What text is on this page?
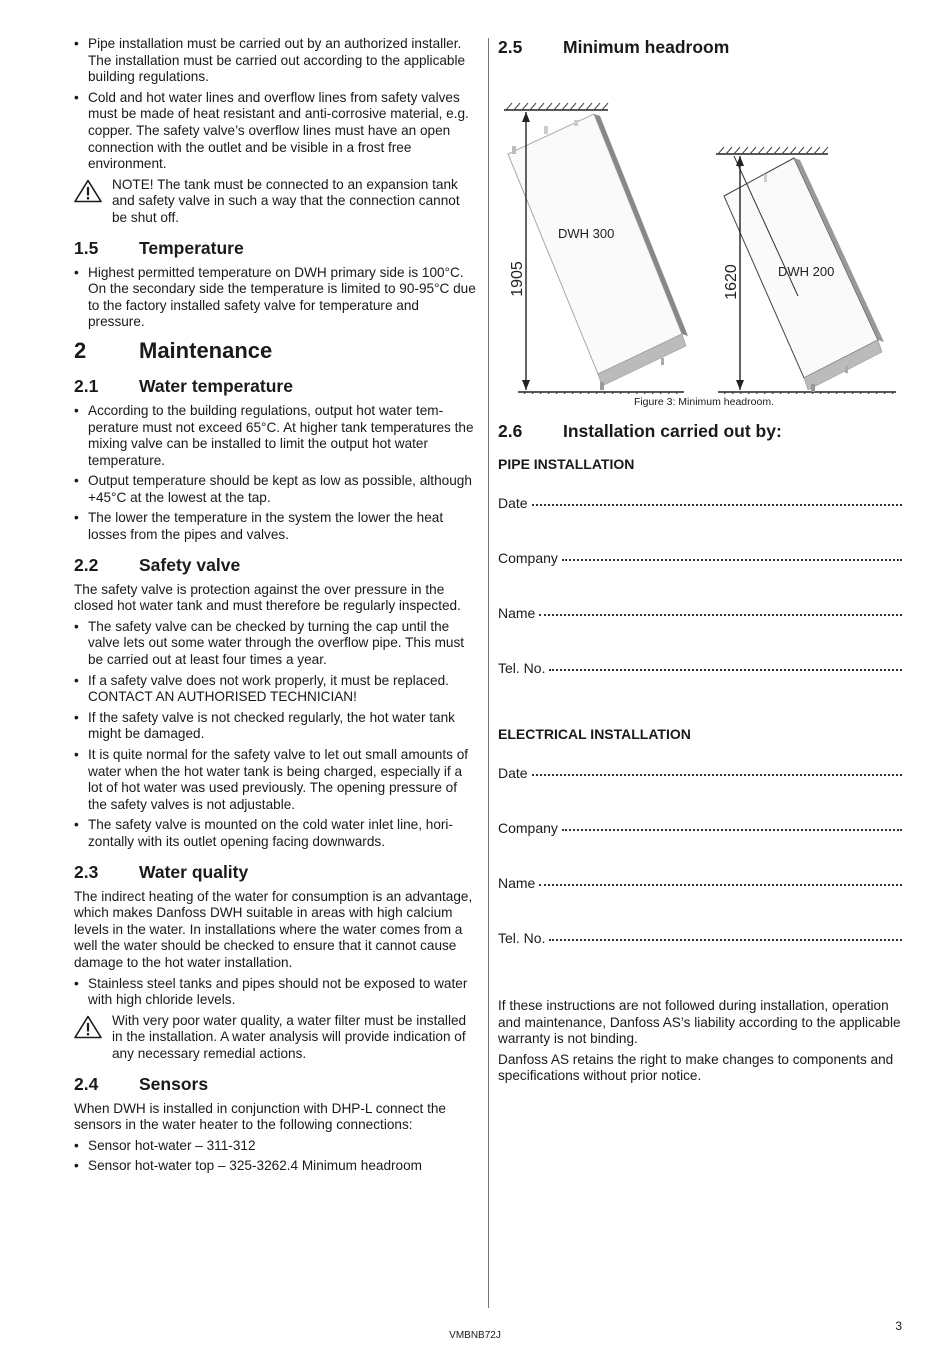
• Pipe installation must be carried out by an authorized installer. The installation must be carried out according to the applicable building regulations.
• Cold and hot water lines and overflow lines from safety valves must be made of heat resistant and anti-corrosive material, e.g. copper. The safety valve’s overflow lines must have an open connection with the outlet and be visible in a frost free environment.
NOTE! The tank must be connected to an expansion tank and safety valve in such a way that the connection cannot be shut off.
1.5	Temperature
• Highest permitted temperature on DWH primary side is 100°C. On the secondary side the temperature is limited to 90-95°C due to the factory installed safety valve for temperature and pressure.
2	Maintenance
2.1	Water temperature
• According to the building regulations, output hot water temperature must not exceed 65°C. At higher tank temperatures the mixing valve can be installed to limit the output hot water temperature.
• Output temperature should be kept as low as possible, although +45°C at the lowest at the tap.
• The lower the temperature in the system the lower the heat losses from the pipes and valves.
2.2	Safety valve

The safety valve is protection against the over pressure in the closed hot water tank and must therefore be regularly inspected.

• The safety valve can be checked by turning the cap until the valve lets out some water through the overflow pipe. This must be carried out at least four times a year.
• If a safety valve does not work properly, it must be replaced. CONTACT AN AUTHORISED TECHNICIAN!
• If the safety valve is not checked regularly, the hot water tank might be damaged.
• It is quite normal for the safety valve to let out small amounts of water when the hot water tank is being charged, especially if a lot of hot water was used previously. The opening pressure of the safety valves is not adjustable.
• The safety valve is mounted on the cold water inlet line, horizontally with its outlet opening facing downwards.
2.3	Water quality

The indirect heating of the water for consumption is an advantage, which makes Danfoss DWH suitable in areas with high calcium levels in the water. In installations where the water comes from a well the water should be checked to ensure that it cannot cause damage to the hot water installation.

• Stainless steel tanks and pipes should not be exposed to water with high chloride levels.
With very poor water quality, a water filter must be installed in the installation. A water analysis will provide indication of any necessary remedial actions.
2.4	Sensors

When DWH is installed in conjunction with DHP-L connect the sensors in the water heater to the following connections:

• Sensor hot-water – 311-312
• Sensor hot-water top – 325-3262.4 Minimum headroom
2.5	Minimum headroom
1905
DWH 300
1620	DWH 200
Figure 3: Minimum headroom.
2.6	Installation carried out by:
PIPE INSTALLATION
Date
Company
Name
Tel. No.
ELECTRICAL INSTALLATION
Date
Company
Name
Tel. No.

If these instructions are not followed during installation, operation and maintenance, Danfoss AS’s liability according to the applicable warranty is not binding.

Danfoss AS retains the right to make changes to components and specifications without prior notice.

3
VMBNB72J
